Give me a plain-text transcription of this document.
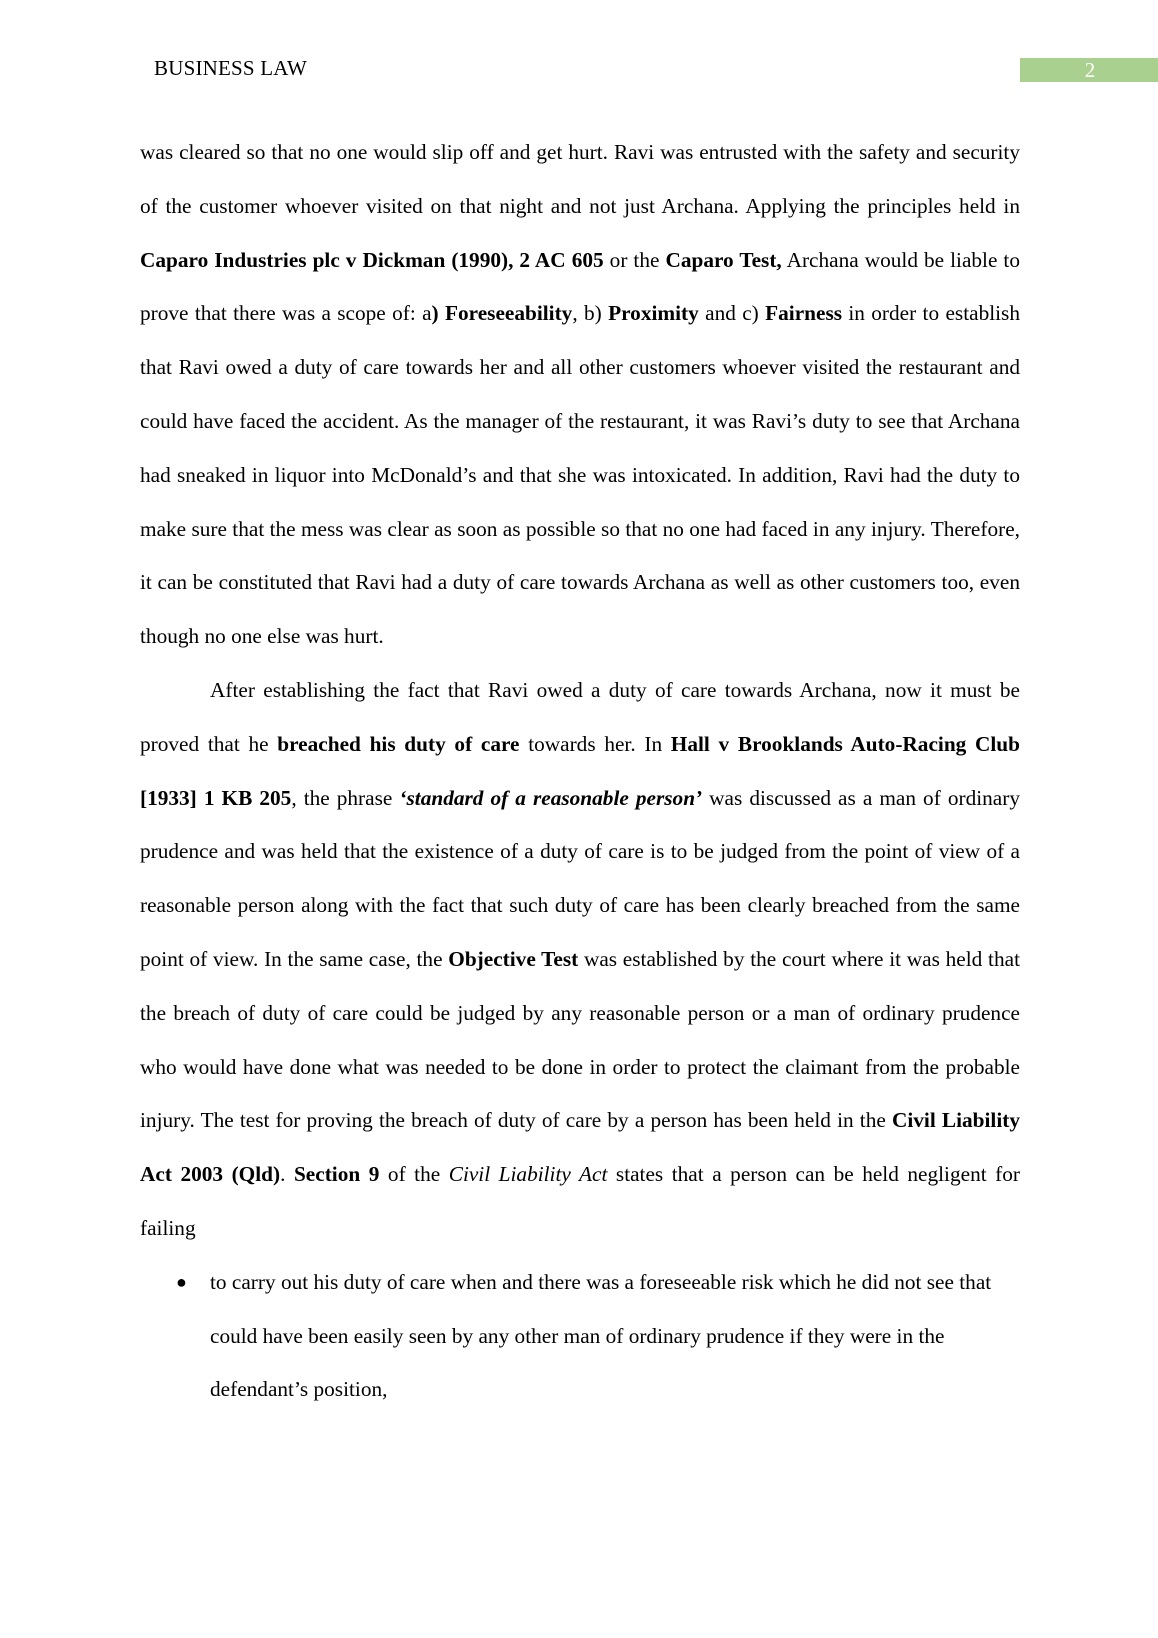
BUSINESS LAW	2

was cleared so that no one would slip off and get hurt. Ravi was entrusted with the safety and security of the customer whoever visited on that night and not just Archana. Applying the principles held in Caparo Industries plc v Dickman (1990), 2 AC 605 or the Caparo Test, Archana would be liable to prove that there was a scope of: a) Foreseeability, b) Proximity and c) Fairness in order to establish that Ravi owed a duty of care towards her and all other customers whoever visited the restaurant and could have faced the accident. As the manager of the restaurant, it was Ravi’s duty to see that Archana had sneaked in liquor into McDonald’s and that she was intoxicated. In addition, Ravi had the duty to make sure that the mess was clear as soon as possible so that no one had faced in any injury. Therefore, it can be constituted that Ravi had a duty of care towards Archana as well as other customers too, even though no one else was hurt.

After establishing the fact that Ravi owed a duty of care towards Archana, now it must be proved that he breached his duty of care towards her. In Hall v Brooklands Auto-Racing Club [1933] 1 KB 205, the phrase ‘standard of a reasonable person’ was discussed as a man of ordinary prudence and was held that the existence of a duty of care is to be judged from the point of view of a reasonable person along with the fact that such duty of care has been clearly breached from the same point of view. In the same case, the Objective Test was established by the court where it was held that the breach of duty of care could be judged by any reasonable person or a man of ordinary prudence who would have done what was needed to be done in order to protect the claimant from the probable injury. The test for proving the breach of duty of care by a person has been held in the Civil Liability Act 2003 (Qld). Section 9 of the Civil Liability Act states that a person can be held negligent for failing

● to carry out his duty of care when and there was a foreseeable risk which he did not see that could have been easily seen by any other man of ordinary prudence if they were in the defendant’s position,
